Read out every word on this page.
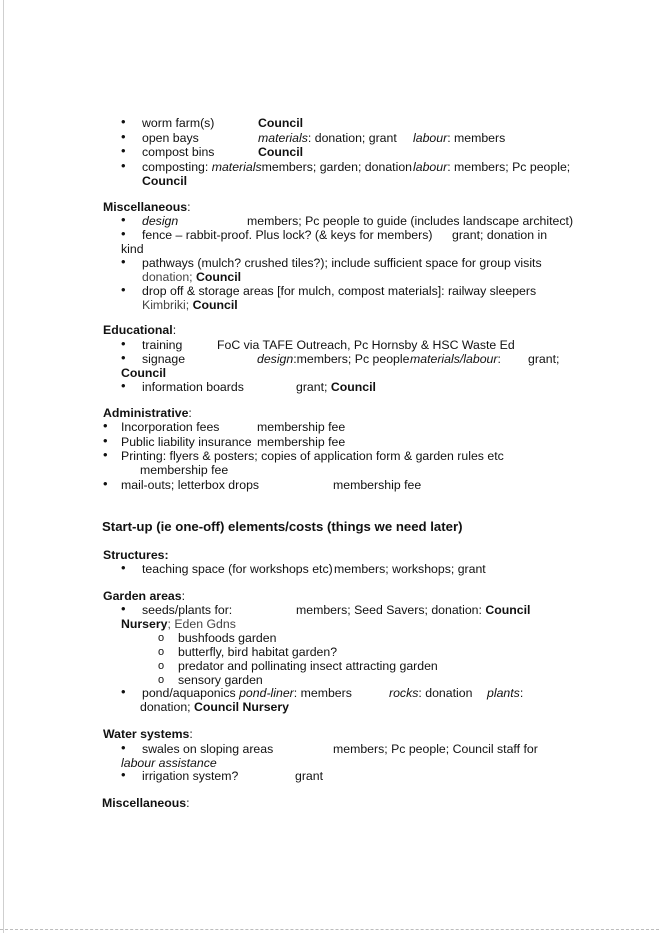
• worm farm(s)	Council
• open bays	materials: donation; grant labour: members
• compost bins	Council
• composting: materialsmembers; garden; donation labour: members; Pc people;
Council
Miscellaneous:
• design	members; Pc people to guide (includes landscape architect)
• fence – rabbit-proof. Plus lock? (& keys for members) grant; donation in
kind
• pathways (mulch? crushed tiles?); include sufficient space for group visits
donation; Council
• drop off & storage areas [for mulch, compost materials]: railway sleepers
Kimbriki; Council
Educational:
• training	FoC via TAFE Outreach, Pc Hornsby & HSC Waste Ed
• signage	design:members; Pc people materials/labour: grant;
Council
• information boards	grant; Council
Administrative:
• Incorporation fees	membership fee
• Public liability insurance membership fee
• Printing: flyers & posters; copies of application form & garden rules etc
membership fee
• mail-outs; letterbox drops	membership fee
Start-up (ie one-off) elements/costs (things we need later)
Structures:
• teaching space (for workshops etc) members; workshops; grant
Garden areas:
• seeds/plants for:	members; Seed Savers; donation: Council
Nursery; Eden Gdns
o bushfoods garden
o butterfly, bird habitat garden?
o predator and pollinating insect attracting garden
o sensory garden
• pond/aquaponics pond-liner: members	rocks: donation plants:
donation; Council Nursery
Water systems:
• swales on sloping areas	members; Pc people; Council staff for
labour assistance
• irrigation system?	grant
Miscellaneous:
